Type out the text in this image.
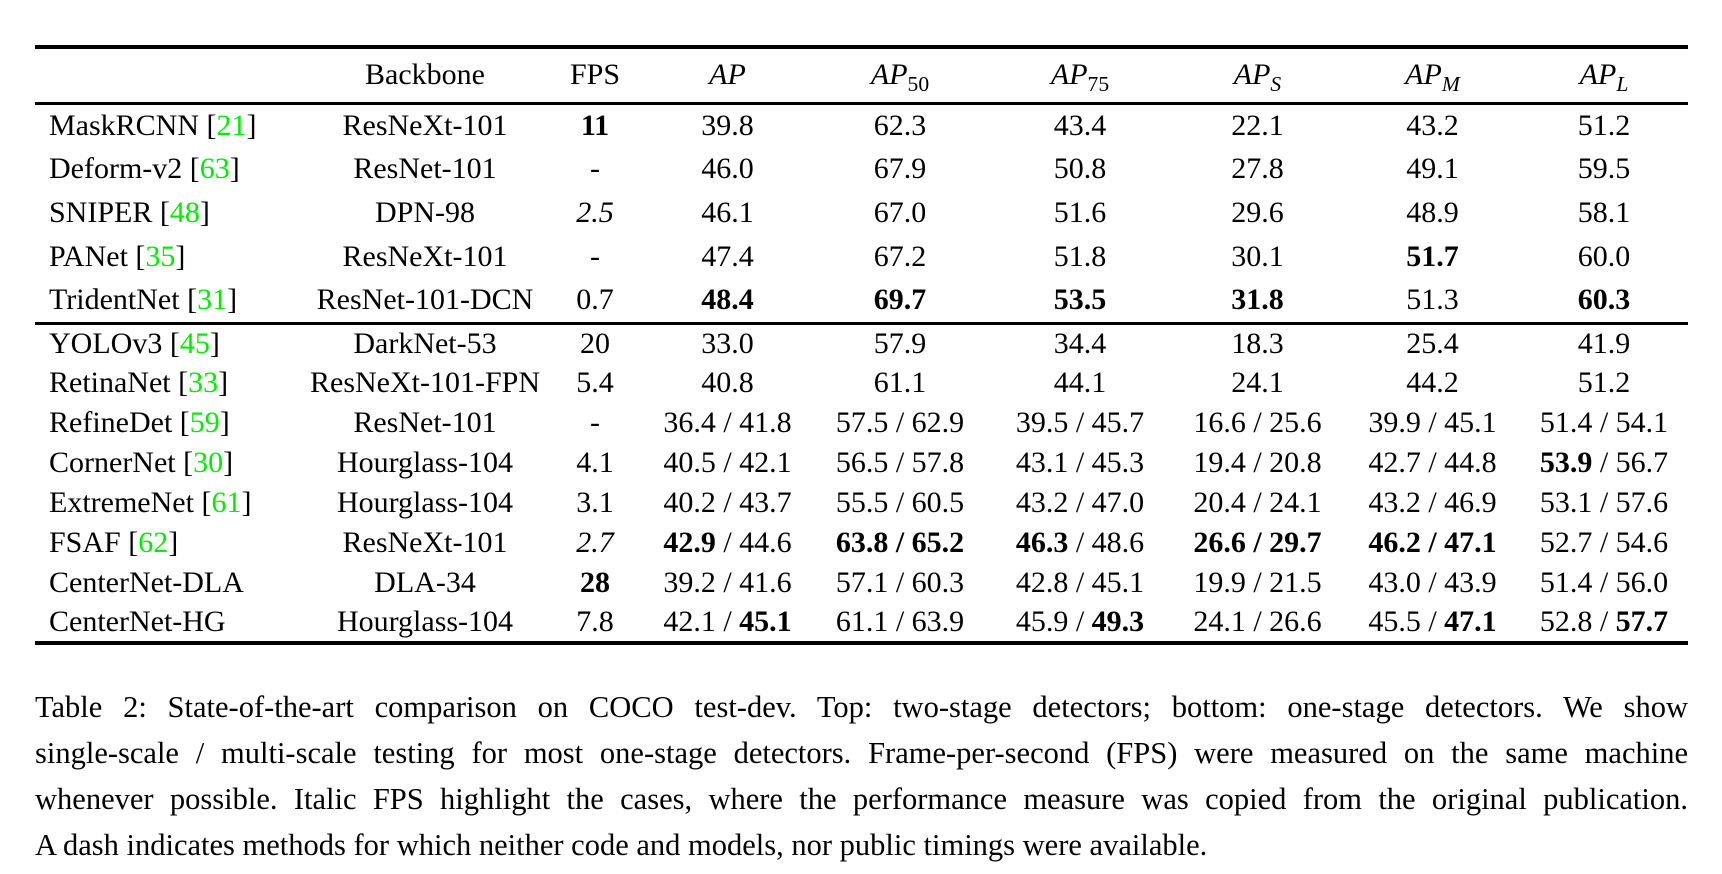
	Backbone	FPS	AP	$AP_{50}$	$AP_{75}$	$AP_S$	$AP_M$	$AP_L$
MaskRCNN [21]	ResNeXt-101	11	39.8	62.3	43.4	22.1	43.2	51.2
Deform-v2 [63]	ResNet-101	-	46.0	67.9	50.8	27.8	49.1	59.5
SNIPER [48]	DPN-98	2.5	46.1	67.0	51.6	29.6	48.9	58.1
PANet [35]	ResNeXt-101	-	47.4	67.2	51.8	30.1	51.7	60.0
TridentNet [31]	ResNet-101-DCN	0.7	48.4	69.7	53.5	31.8	51.3	60.3
YOLOv3 [45]	DarkNet-53	20	33.0	57.9	34.4	18.3	25.4	41.9
RetinaNet [33]	ResNeXt-101-FPN	5.4	40.8	61.1	44.1	24.1	44.2	51.2
RefineDet [59]	ResNet-101	-	36.4 / 41.8	57.5 / 62.9	39.5 / 45.7	16.6 / 25.6	39.9 / 45.1	51.4 / 54.1
CornerNet [30]	Hourglass-104	4.1	40.5 / 42.1	56.5 / 57.8	43.1 / 45.3	19.4 / 20.8	42.7 / 44.8	53.9 / 56.7
ExtremeNet [61]	Hourglass-104	3.1	40.2 / 43.7	55.5 / 60.5	43.2 / 47.0	20.4 / 24.1	43.2 / 46.9	53.1 / 57.6
FSAF [62]	ResNeXt-101	2.7	42.9 / 44.6	63.8 / 65.2	46.3 / 48.6	26.6 / 29.7	46.2 / 47.1	52.7 / 54.6
CenterNet-DLA	DLA-34	28	39.2 / 41.6	57.1 / 60.3	42.8 / 45.1	19.9 / 21.5	43.0 / 43.9	51.4 / 56.0
CenterNet-HG	Hourglass-104	7.8	42.1 / 45.1	61.1 / 63.9	45.9 / 49.3	24.1 / 26.6	45.5 / 47.1	52.8 / 57.7
Table 2: State-of-the-art comparison on COCO test-dev. Top: two-stage detectors; bottom: one-stage detectors. We show
single-scale / multi-scale testing for most one-stage detectors. Frame-per-second (FPS) were measured on the same machine
whenever possible. Italic FPS highlight the cases, where the performance measure was copied from the original publication.
A dash indicates methods for which neither code and models, nor public timings were available.
